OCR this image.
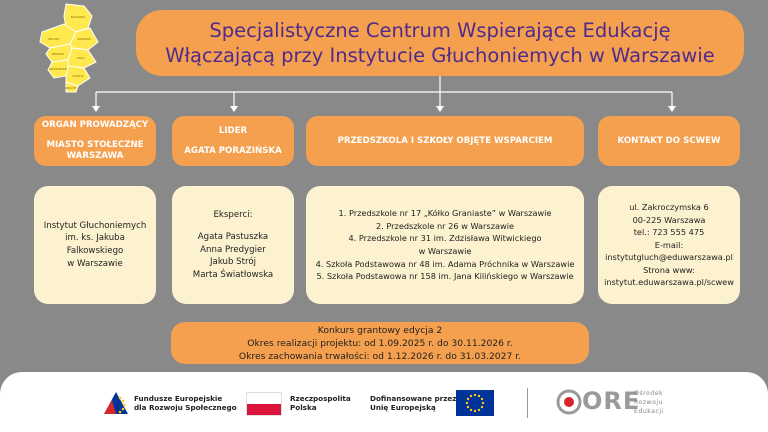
BIAŁOŁĘKA
BIELANY	ŻOLIBORZ
BEMOWO
WOLA
ŚRÓDMIEŚCIE
OCHOTA
WŁOCHY
Specjalistyczne Centrum Wspierające Edukację
Włączającą przy Instytucie Głuchoniemych w Warszawie
ORGAN PROWADZĄCY
MIASTO STOŁECZNE
WARSZAWA
Instytut Głuchoniemych
im. ks. Jakuba
Falkowskiego
w Warszawie
LIDER
AGATA PORAZIŃSKA
Eksperci:
Agata Pastuszka
Anna Predygier
Jakub Strój
Marta Światłowska
PRZEDSZKOLA I SZKOŁY OBJĘTE WSPARCIEM
1. Przedszkole nr 17 „Kółko Graniaste” w Warszawie
2. Przedszkole nr 26 w Warszawie
4. Przedszkole nr 31 im. Zdzisława Witwickiego
w Warszawie
4. Szkoła Podstawowa nr 48 im. Adama Próchnika w Warszawie
5. Szkoła Podstawowa nr 158 im. Jana Kilińskiego w Warszawie
KONTAKT DO SCWEW
ul. Zakroczymska 6
00-225 Warszawa
tel.: 723 555 475
E-mail:
instytutgluch@eduwarszawa.pl
Strona www:
instytut.eduwarszawa.pl/scwew
Konkurs grantowy edycja 2
Okres realizacji projektu: od 1.09.2025 r. do 30.11.2026 r.
Okres zachowania trwałości: od 1.12.2026 r. do 31.03.2027 r.
Fundusze Europejskie
dla Rozwoju Społecznego
Rzeczpospolita
Polska
Dofinansowane przez
Unię Europejską	ORE
Ośrodek
Rozwoju
Edukacji
